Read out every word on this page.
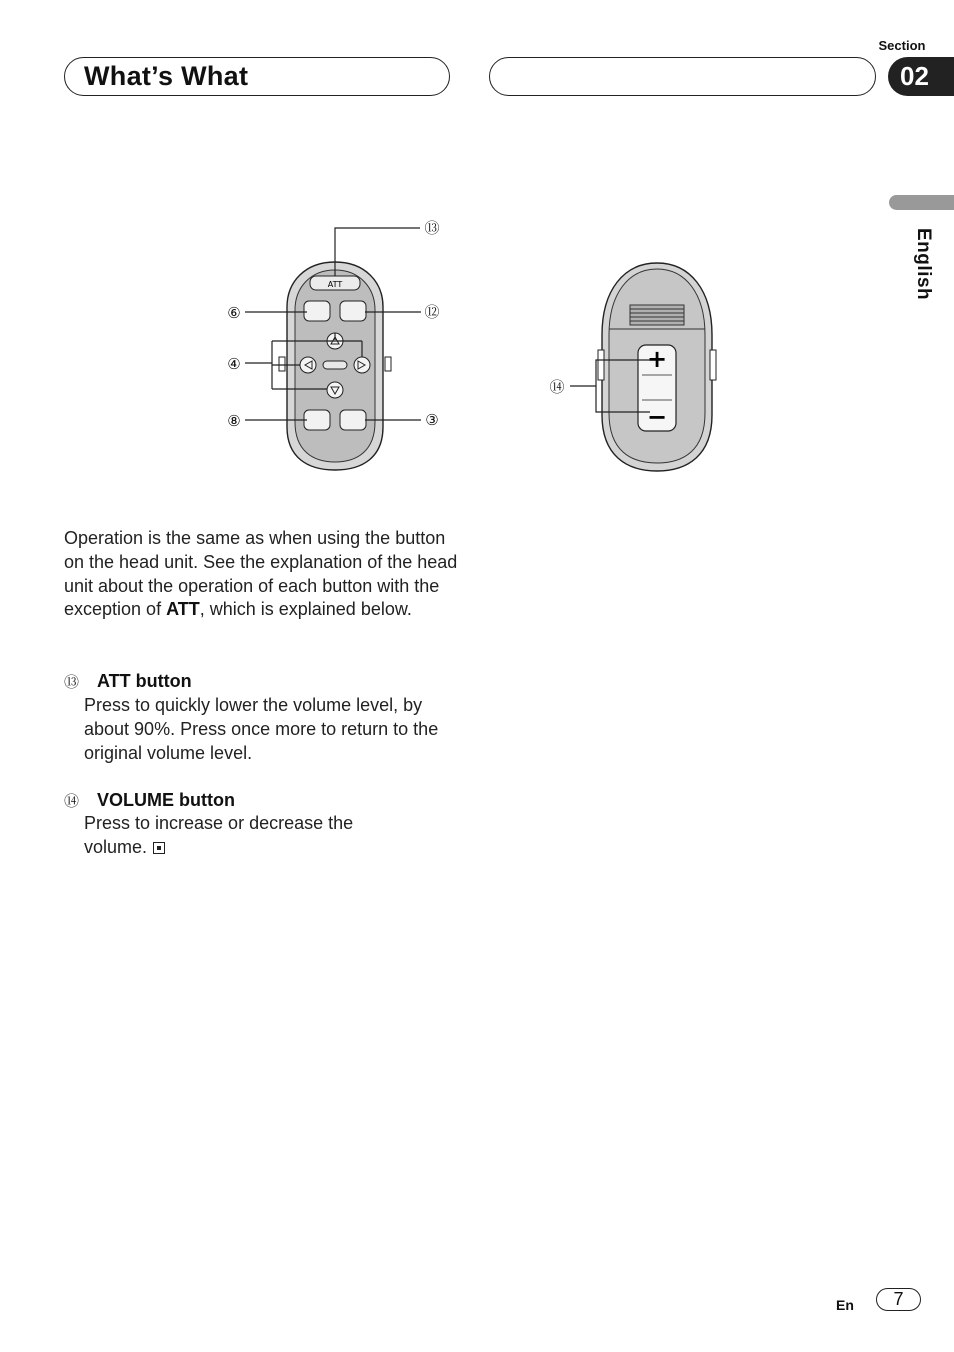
Section
What’s What	02
English
ATT
⑬
⑥	⑫
④
⑧	③
+
−
⑭
Operation is the same as when using the button on the head unit. See the explanation of the head unit about the operation of each button with the exception of ATT, which is explained below.
⑬ ATT button
Press to quickly lower the volume level, by about 90%. Press once more to return to the original volume level.
⑭ VOLUME button
Press to increase or decrease the volume.
En	7
